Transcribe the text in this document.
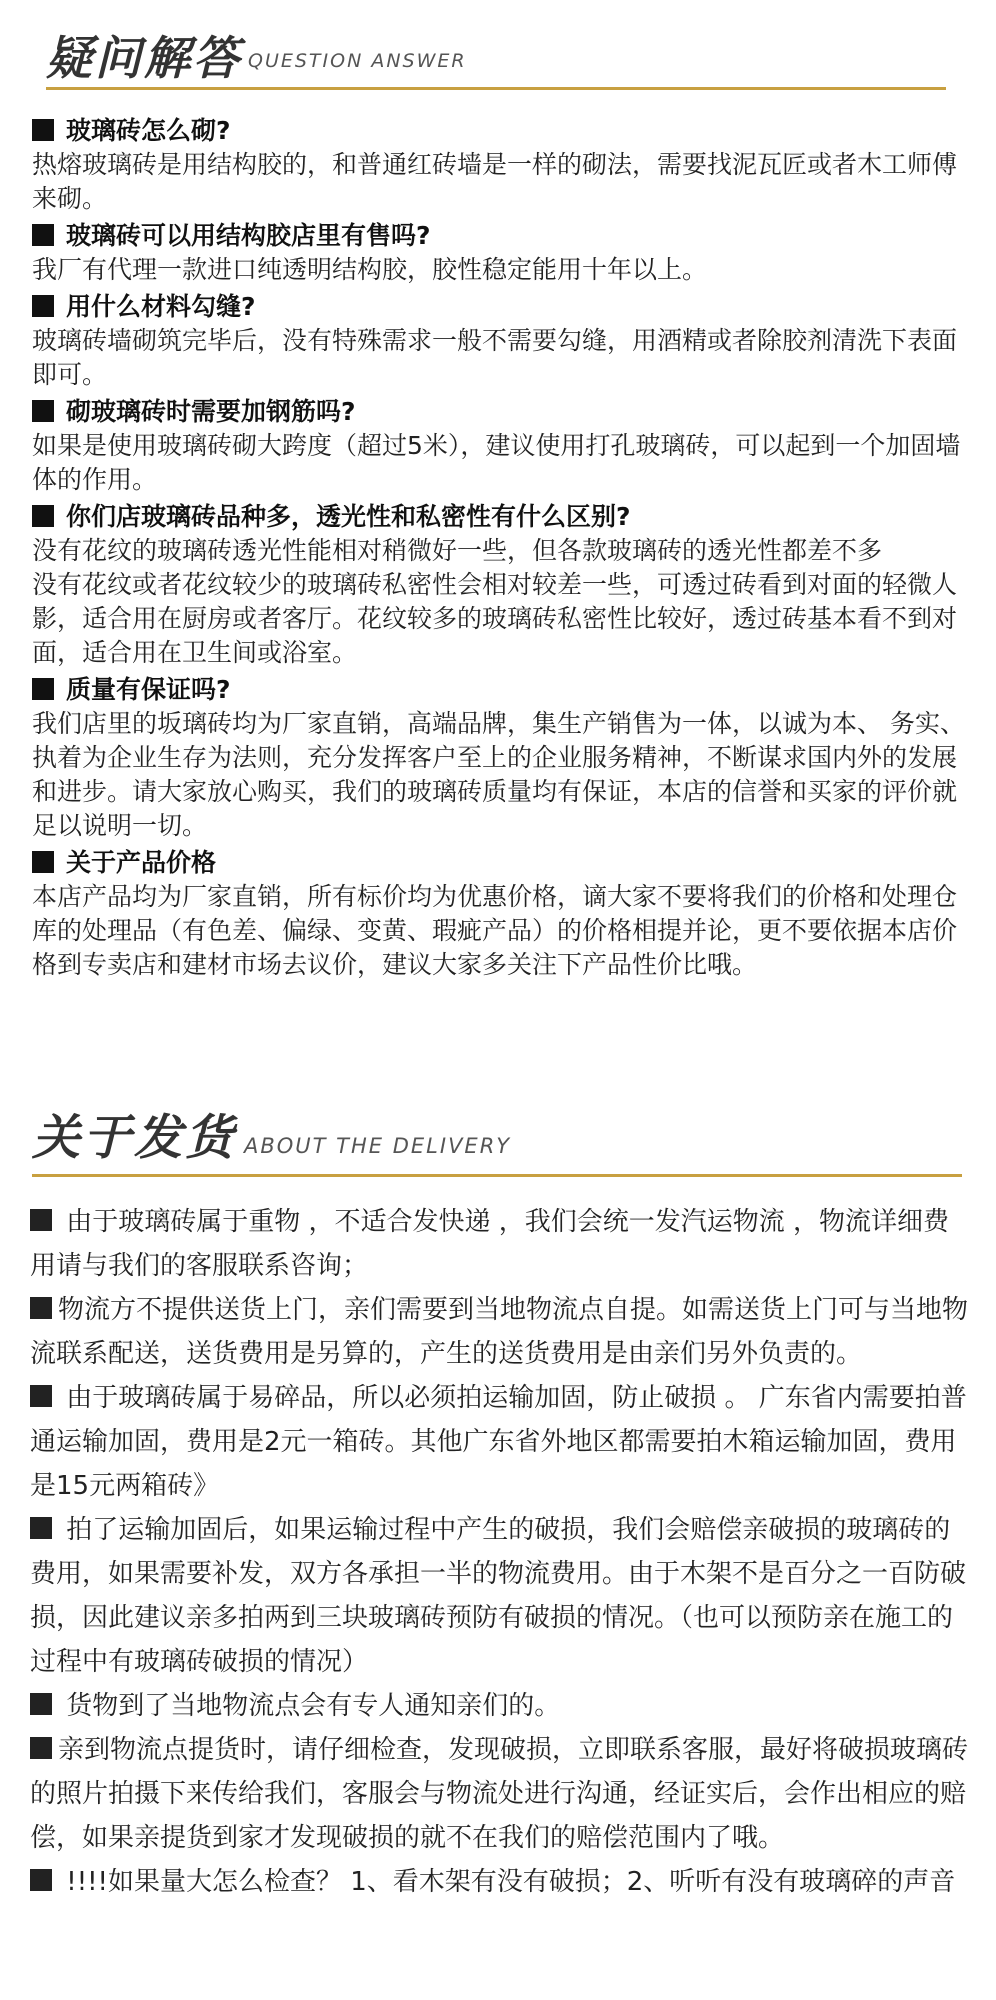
疑问解答 QUESTION ANSWER

玻璃砖怎么砌?

热熔玻璃砖是用结构胶的，和普通红砖墙是一样的砌法，需要找泥瓦匠或者木工师傅来砌。

玻璃砖可以用结构胶店里有售吗?

我厂有代理一款进口纯透明结构胶，胶性稳定能用十年以上。

用什么材料勾缝?

玻璃砖墙砌筑完毕后，没有特殊需求一般不需要勾缝，用酒精或者除胶剂清洗下表面即可。

砌玻璃砖时需要加钢筋吗?

如果是使用玻璃砖砌大跨度（超过5米），建议使用打孔玻璃砖，可以起到一个加固墙体的作用。

你们店玻璃砖品种多，透光性和私密性有什么区别?

没有花纹的玻璃砖透光性能相对稍微好一些，但各款玻璃砖的透光性都差不多
没有花纹或者花纹较少的玻璃砖私密性会相对较差一些，可透过砖看到对面的轻微人影，适合用在厨房或者客厅。花纹较多的玻璃砖私密性比较好，透过砖基本看不到对面，适合用在卫生间或浴室。

质量有保证吗?

我们店里的坂璃砖均为厂家直销，高端品牌，集生产销售为一体，以诚为本、 务实、执着为企业生存为法则，充分发挥客户至上的企业服务精神，不断谋求国内外的发展和进步。请大家放心购买，我们的玻璃砖质量均有保证，本店的信誉和买家的评价就足以说明一切。

关于产品价格

本店产品均为厂家直销，所有标价均为优惠价格，谪大家不要将我们的价格和处理仓库的处理品（有色差、偏绿、变黄、瑕疵产品）的价格相提并论，更不要依据本店价格到专卖店和建材市场去议价，建议大家多关注下产品性价比哦。

关于发货 ABOUT THE DELIVERY

由于玻璃砖属于重物 ，不适合发快递 ，我们会统一发汽运物流 ，物流详细费用请与我们的客服联系咨询；

物流方不提供送货上门，亲们需要到当地物流点自提。如需送货上门可与当地物流联系配送，送货费用是另算的，产生的送货费用是由亲们另外负责的。

由于玻璃砖属于易碎品，所以必须拍运输加固，防止破损 。 广东省内需要拍普通运输加固，费用是2元一箱砖。其他广东省外地区都需要拍木箱运输加固，费用是15元两箱砖》

拍了运输加固后，如果运输过程中产生的破损，我们会赔偿亲破损的玻璃砖的费用，如果需要补发，双方各承担一半的物流费用。由于木架不是百分之一百防破损，因此建议亲多拍两到三块玻璃砖预防有破损的情况。（也可以预防亲在施工的过程中有玻璃砖破损的情况）

货物到了当地物流点会有专人通知亲们的。

亲到物流点提货时，请仔细检查，发现破损，立即联系客服，最好将破损玻璃砖的照片拍摄下来传给我们，客服会与物流处进行沟通，经证实后，会作出相应的赔偿，如果亲提货到家才发现破损的就不在我们的赔偿范围内了哦。

!!!!如果量大怎么检查？ 1、看木架有没有破损；2、听听有没有玻璃碎的声音
